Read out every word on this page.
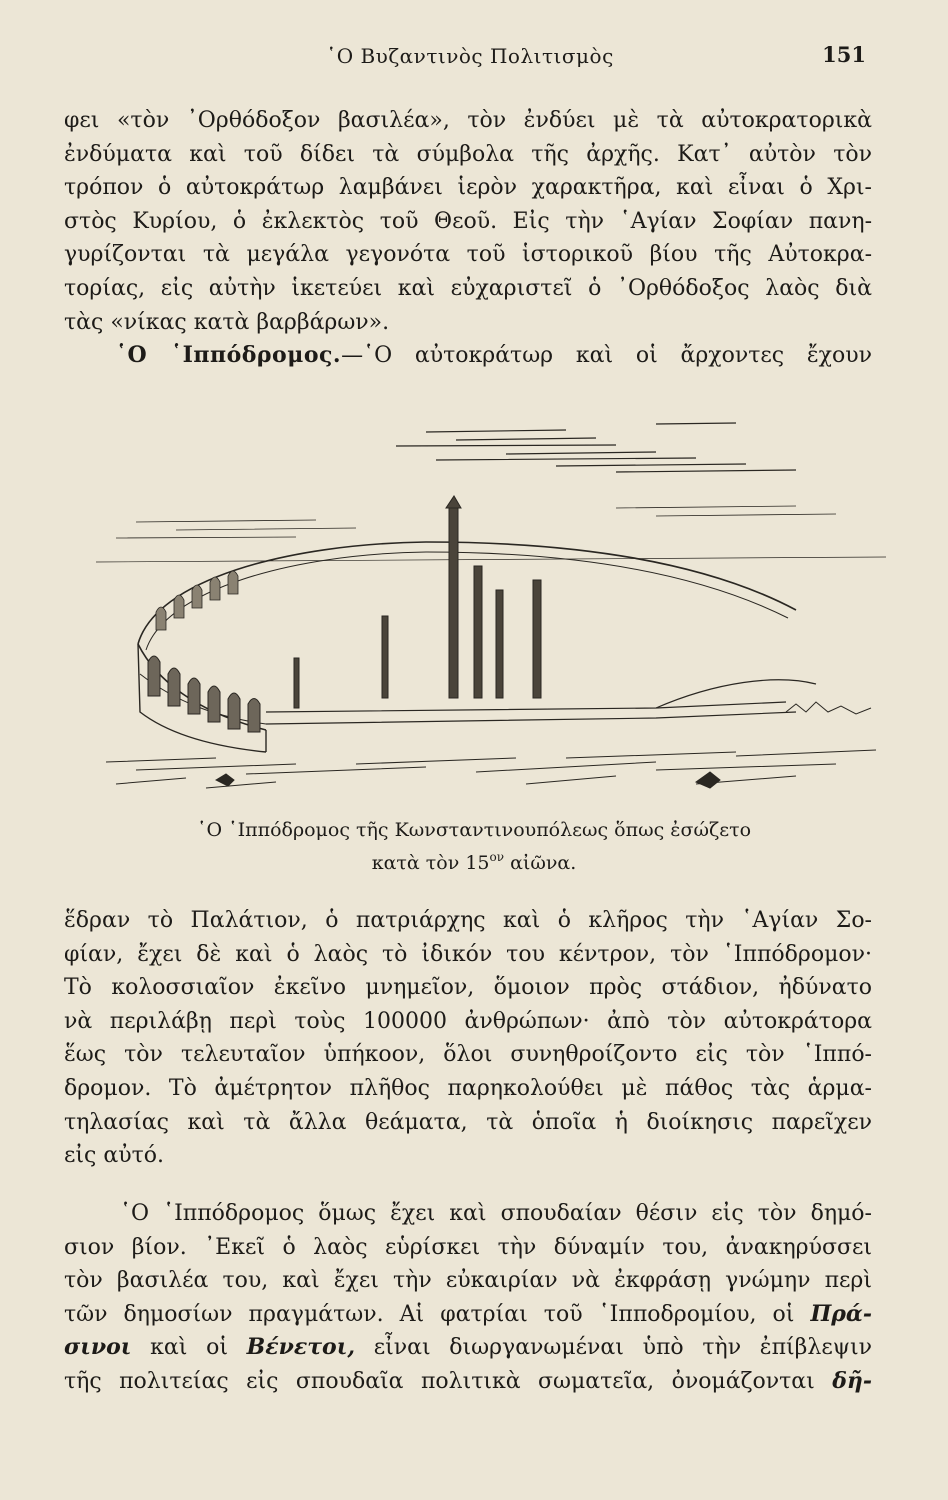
῾Ο Βυζαντινὸς Πολιτισμὸς	151
φει «τὸν ᾿Ορθόδοξον βασιλέα», τὸν ἐνδύει μὲ τὰ αὐτοκρατορικὰ
ἐνδύματα καὶ τοῦ δίδει τὰ σύμβολα τῆς ἀρχῆς. Κατ᾿ αὐτὸν τὸν
τρόπον ὁ αὐτοκράτωρ λαμβάνει ἱερὸν χαρακτῆρα, καὶ εἶναι ὁ Χρι-
στὸς Κυρίου, ὁ ἐκλεκτὸς τοῦ Θεοῦ. Εἰς τὴν ῾Αγίαν Σοφίαν πανη-
γυρίζονται τὰ μεγάλα γεγονότα τοῦ ἱστορικοῦ βίου τῆς Αὐτοκρα-
τορίας, εἰς αὐτὴν ἱκετεύει καὶ εὐχαριστεῖ ὁ ᾿Ορθόδοξος λαὸς διὰ
τὰς «νίκας κατὰ βαρβάρων».
῾Ο ῾Ιππόδρομος.—῾Ο αὐτοκράτωρ καὶ οἱ ἄρχοντες ἔχουν
῾Ο ῾Ιππόδρομος τῆς Κωνσταντινουπόλεως ὅπως ἐσώζετο
κατὰ τὸν $15^{o\nu}$ αἰῶνα.
ἕδραν τὸ Παλάτιον, ὁ πατριάρχης καὶ ὁ κλῆρος τὴν ῾Αγίαν Σο-
φίαν, ἔχει δὲ καὶ ὁ λαὸς τὸ ἰδικόν του κέντρον, τὸν ῾Ιππόδρομον·
Τὸ κολοσσιαῖον ἐκεῖνο μνημεῖον, ὅμοιον πρὸς στάδιον, ἠδύνατο
νὰ περιλάβῃ περὶ τοὺς 100000 ἀνθρώπων· ἀπὸ τὸν αὐτοκράτορα
ἕως τὸν τελευταῖον ὑπήκοον, ὅλοι συνηθροίζοντο εἰς τὸν ῾Ιππό-
δρομον. Τὸ ἀμέτρητον πλῆθος παρηκολούθει μὲ πάθος τὰς ἁρμα-
τηλασίας καὶ τὰ ἄλλα θεάματα, τὰ ὁποῖα ἡ διοίκησις παρεῖχεν
εἰς αὐτό.
῾Ο ῾Ιππόδρομος ὅμως ἔχει καὶ σπουδαίαν θέσιν εἰς τὸν δημό-
σιον βίον. ᾿Εκεῖ ὁ λαὸς εὑρίσκει τὴν δύναμίν του, ἀνακηρύσσει
τὸν βασιλέα του, καὶ ἔχει τὴν εὐκαιρίαν νὰ ἐκφράσῃ γνώμην περὶ
τῶν δημοσίων πραγμάτων. Αἱ φατρίαι τοῦ ῾Ιπποδρομίου, οἱ Πρά-
σινοι καὶ οἱ Βένετοι, εἶναι διωργανωμέναι ὑπὸ τὴν ἐπίβλεψιν
τῆς πολιτείας εἰς σπουδαῖα πολιτικὰ σωματεῖα, ὀνομάζονται δῆ-
